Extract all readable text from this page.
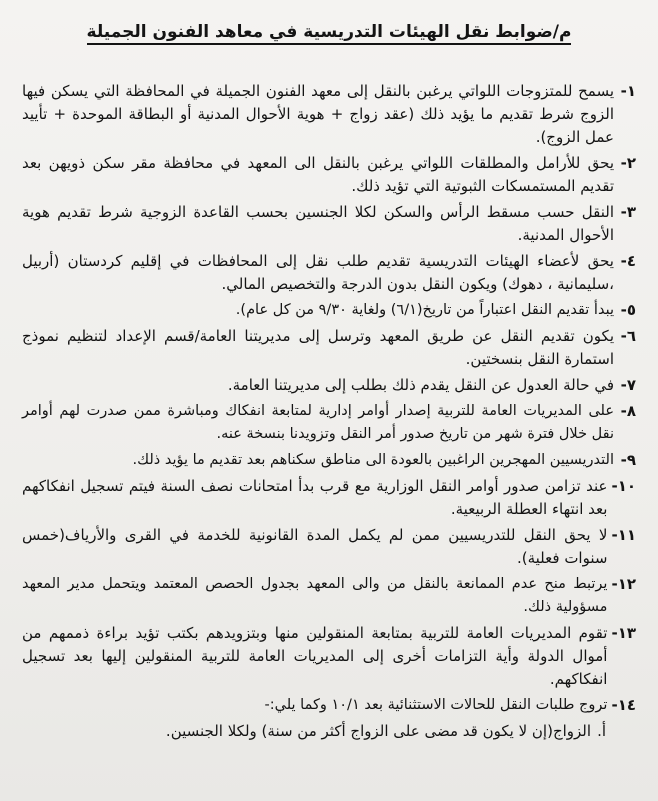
م/ضوابط نقل الهيئات التدريسية في معاهد الفنون الجميلة
١-
يسمح للمتزوجات اللواتي يرغبن بالنقل إلى معهد الفنون الجميلة في المحافظة التي يسكن فيها الزوج شرط تقديم ما يؤيد ذلك (عقد زواج + هوية الأحوال المدنية أو البطاقة الموحدة + تأييد عمل الزوج).
٢-
يحق للأرامل والمطلقات اللواتي يرغبن بالنقل الى المعهد في محافظة مقر سكن ذويهن بعد تقديم المستمسكات الثبوتية التي تؤيد ذلك.
٣-
النقل حسب مسقط الرأس والسكن لكلا الجنسين بحسب القاعدة الزوجية شرط تقديم هوية الأحوال المدنية.
٤-
يحق لأعضاء الهيئات التدريسية تقديم طلب نقل إلى المحافظات في إقليم كردستان (أربيل ،سليمانية ، دهوك) ويكون النقل بدون الدرجة والتخصيص المالي.
٥-
يبدأ تقديم النقل اعتباراً من تاريخ(٦/١) ولغاية ٩/٣٠ من كل عام).
٦-
يكون تقديم النقل عن طريق المعهد وترسل إلى مديريتنا العامة/قسم الإعداد لتنظيم نموذج استمارة النقل بنسختين.
٧-
في حالة العدول عن النقل يقدم ذلك بطلب إلى مديريتنا العامة.
٨-
على المديريات العامة للتربية إصدار أوامر إدارية لمتابعة انفكاك ومباشرة ممن صدرت لهم أوامر نقل خلال فترة شهر من تاريخ صدور أمر النقل وتزويدنا بنسخة عنه.
٩-
التدريسيين المهجرين الراغبين بالعودة الى مناطق سكناهم بعد تقديم ما يؤيد ذلك.
١٠-
عند تزامن صدور أوامر النقل الوزارية مع قرب بدأ امتحانات نصف السنة فيتم تسجيل انفكاكهم بعد انتهاء العطلة الربيعية.
١١-
لا يحق النقل للتدريسيين ممن لم يكمل المدة القانونية للخدمة في القرى والأرياف(خمس سنوات فعلية).
١٢-
يرتبط منح عدم الممانعة بالنقل من والى المعهد بجدول الحصص المعتمد ويتحمل مدير المعهد مسؤولية ذلك.
١٣-
تقوم المديريات العامة للتربية بمتابعة المنقولين منها وبتزويدهم بكتب تؤيد براءة ذممهم من أموال الدولة وأية التزامات أخرى إلى المديريات العامة للتربية المنقولين إليها بعد تسجيل انفكاكهم.
١٤-
تروج طلبات النقل للحالات الاستثنائية بعد ١٠/١ وكما يلي:-
أ.
الزواج(إن لا يكون قد مضى على الزواج أكثر من سنة) ولكلا الجنسين.
